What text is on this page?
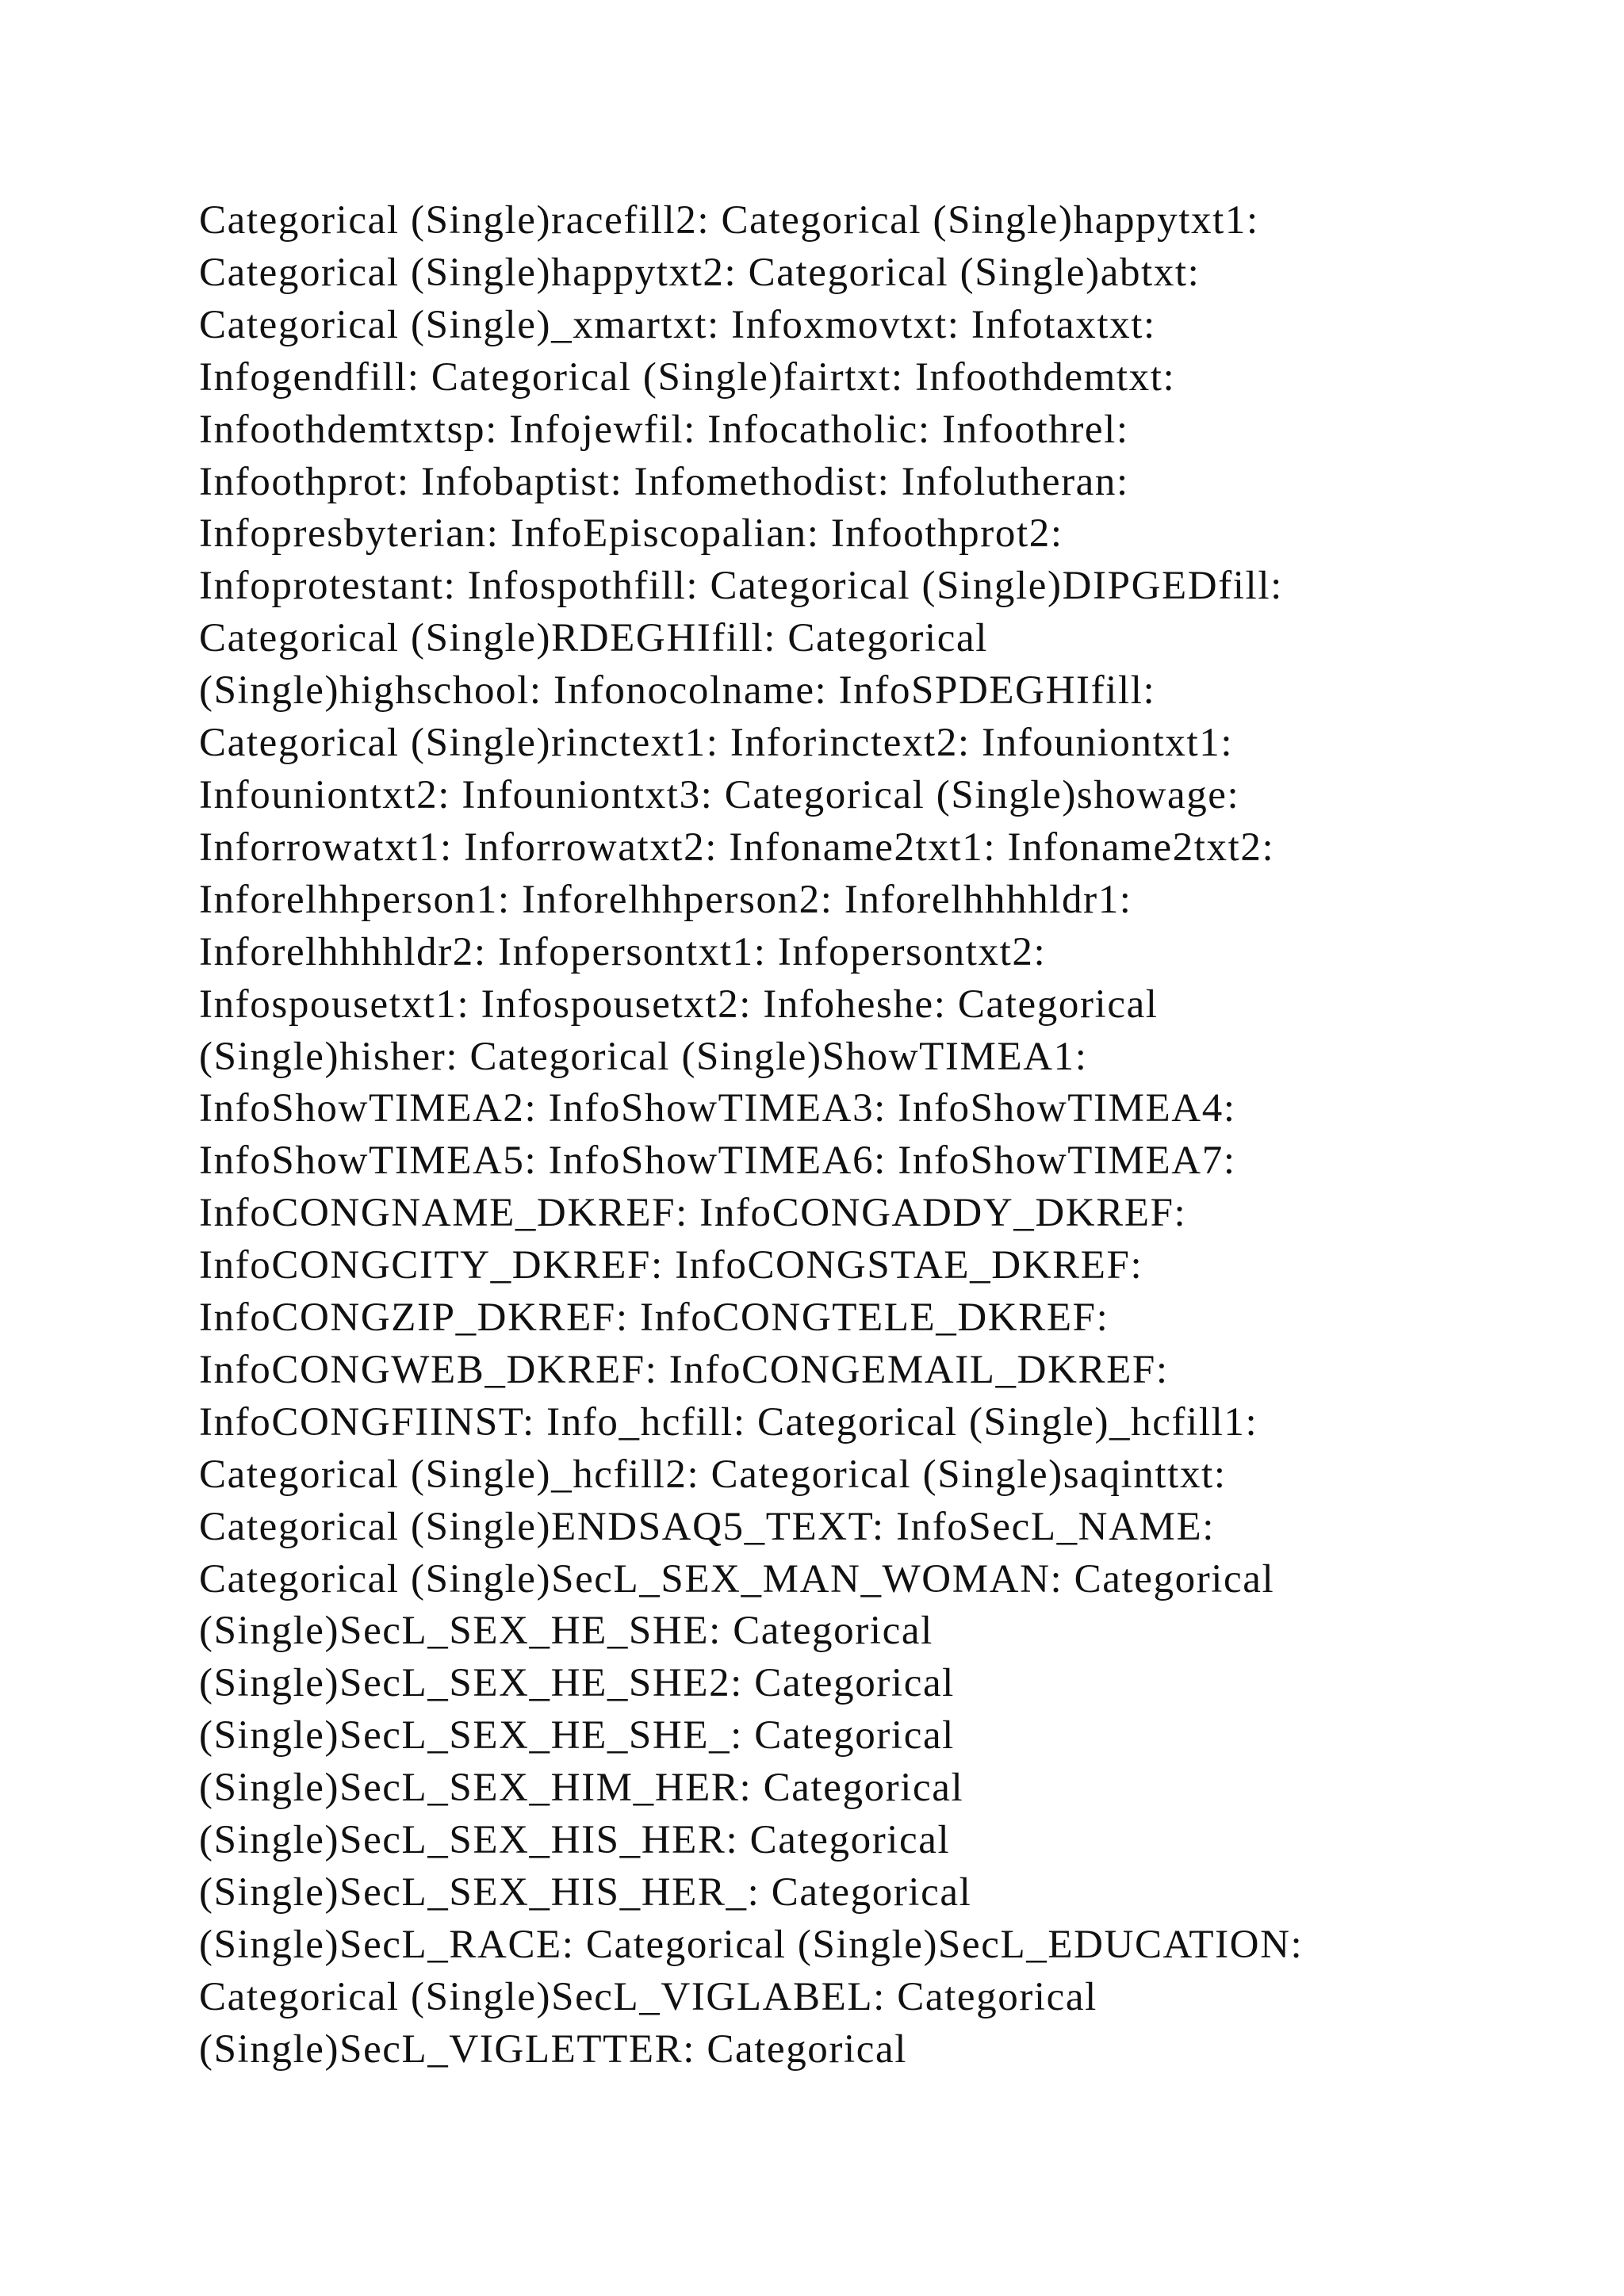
Categorical (Single)racefill2: Categorical (Single)happytxt1:
Categorical (Single)happytxt2: Categorical (Single)abtxt:
Categorical (Single)_xmartxt: Infoxmovtxt: Infotaxtxt:
Infogendfill: Categorical (Single)fairtxt: Infoothdemtxt:
Infoothdemtxtsp: Infojewfil: Infocatholic: Infoothrel:
Infoothprot: Infobaptist: Infomethodist: Infolutheran:
Infopresbyterian: InfoEpiscopalian: Infoothprot2:
Infoprotestant: Infospothfill: Categorical (Single)DIPGEDfill:
Categorical (Single)RDEGHIfill: Categorical
(Single)highschool: Infonocolname: InfoSPDEGHIfill:
Categorical (Single)rinctext1: Inforinctext2: Infouniontxt1:
Infouniontxt2: Infouniontxt3: Categorical (Single)showage:
Inforrowatxt1: Inforrowatxt2: Infoname2txt1: Infoname2txt2:
Inforelhhperson1: Inforelhhperson2: Inforelhhhhldr1:
Inforelhhhhldr2: Infopersontxt1: Infopersontxt2:
Infospousetxt1: Infospousetxt2: Infoheshe: Categorical
(Single)hisher: Categorical (Single)ShowTIMEA1:
InfoShowTIMEA2: InfoShowTIMEA3: InfoShowTIMEA4:
InfoShowTIMEA5: InfoShowTIMEA6: InfoShowTIMEA7:
InfoCONGNAME_DKREF: InfoCONGADDY_DKREF:
InfoCONGCITY_DKREF: InfoCONGSTAE_DKREF:
InfoCONGZIP_DKREF: InfoCONGTELE_DKREF:
InfoCONGWEB_DKREF: InfoCONGEMAIL_DKREF:
InfoCONGFIINST: Info_hcfill: Categorical (Single)_hcfill1:
Categorical (Single)_hcfill2: Categorical (Single)saqinttxt:
Categorical (Single)ENDSAQ5_TEXT: InfoSecL_NAME:
Categorical (Single)SecL_SEX_MAN_WOMAN: Categorical
(Single)SecL_SEX_HE_SHE: Categorical
(Single)SecL_SEX_HE_SHE2: Categorical
(Single)SecL_SEX_HE_SHE_: Categorical
(Single)SecL_SEX_HIM_HER: Categorical
(Single)SecL_SEX_HIS_HER: Categorical
(Single)SecL_SEX_HIS_HER_: Categorical
(Single)SecL_RACE: Categorical (Single)SecL_EDUCATION:
Categorical (Single)SecL_VIGLABEL: Categorical
(Single)SecL_VIGLETTER: Categorical
